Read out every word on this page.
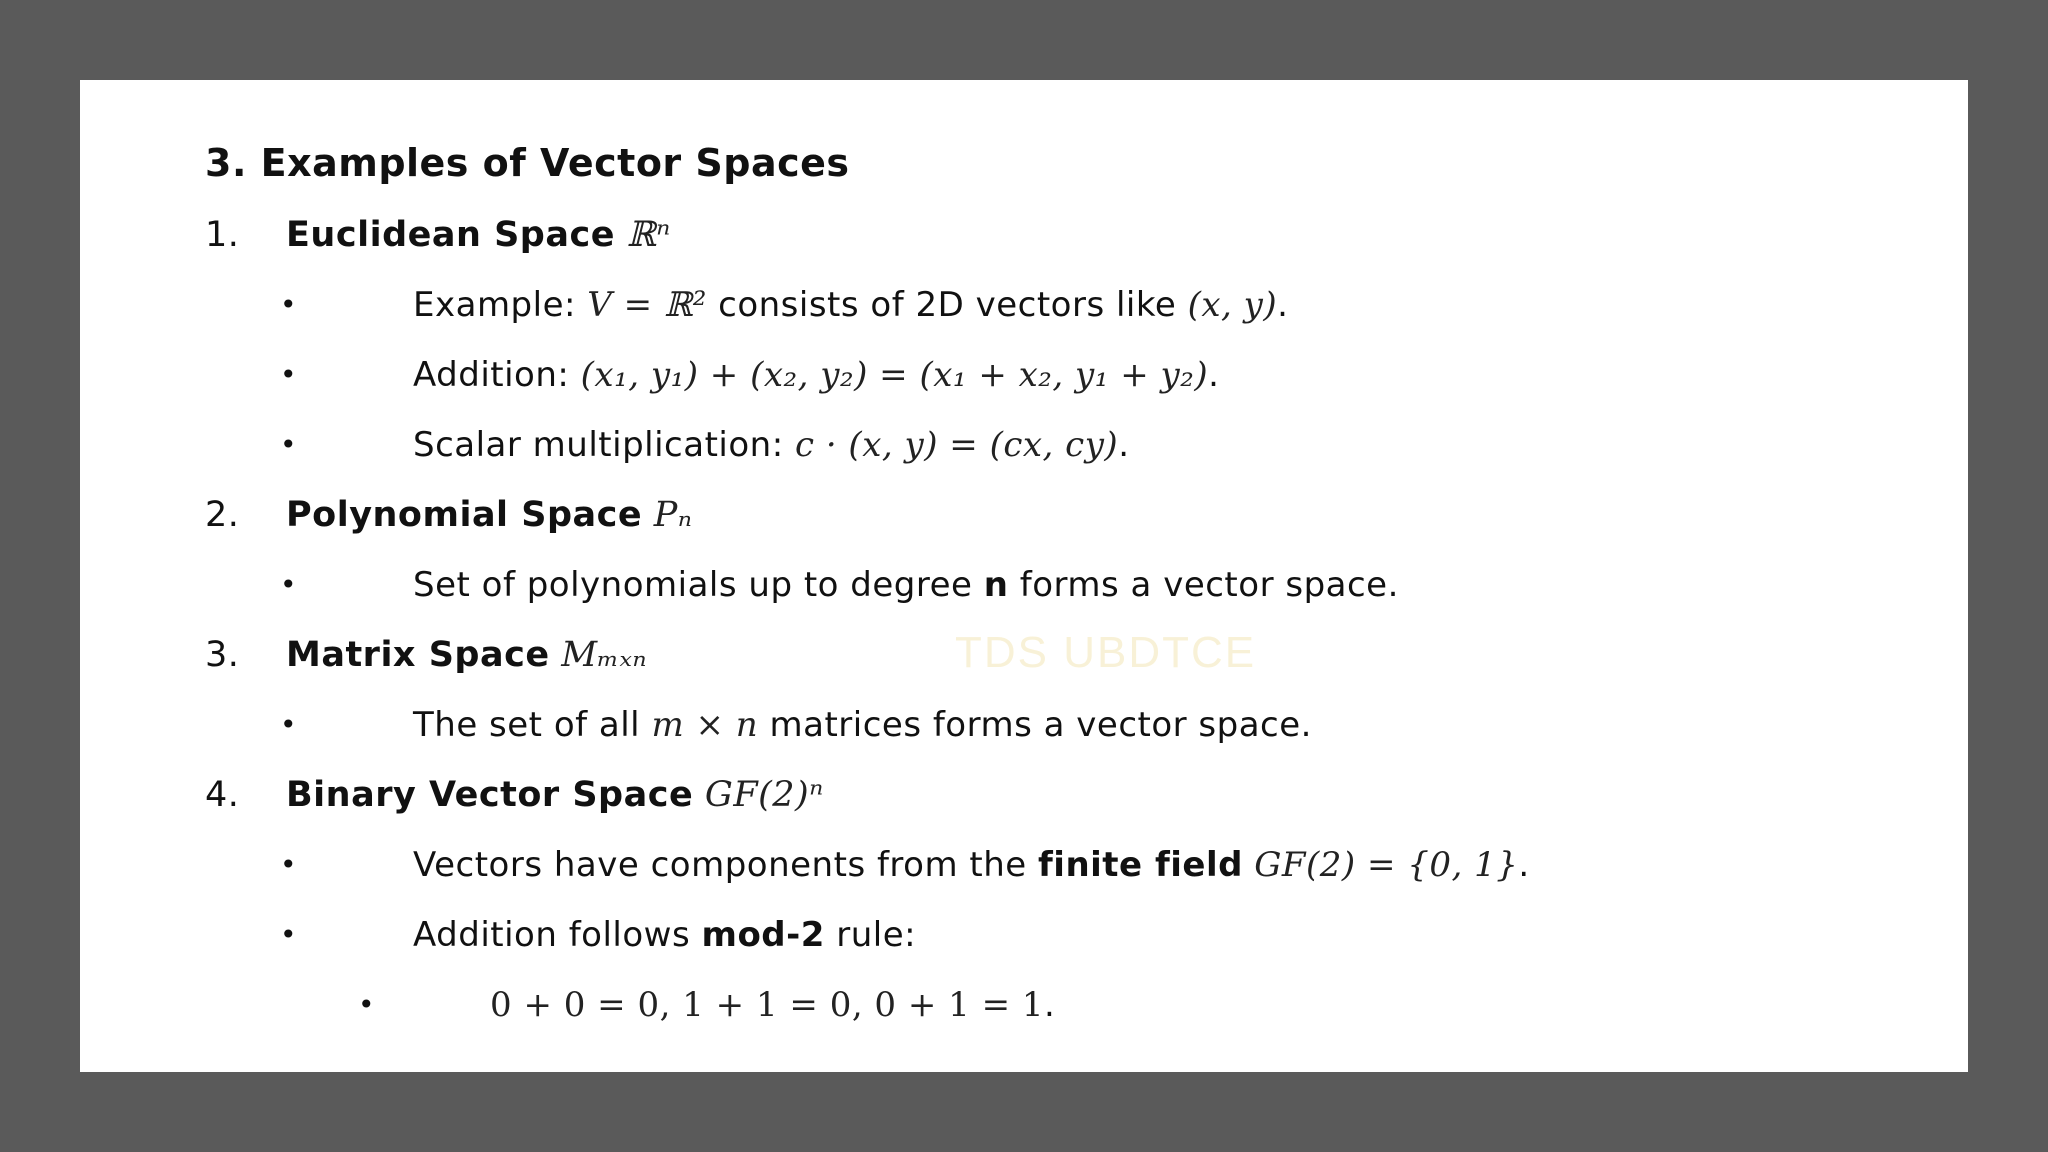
TDS UBDTCE
3. Examples of Vector Spaces
1. Euclidean Space ℝⁿ
•	Example: V = ℝ² consists of 2D vectors like (x, y).
•	Addition: (x₁, y₁) + (x₂, y₂) = (x₁ + x₂, y₁ + y₂).
•	Scalar multiplication: c · (x, y) = (cx, cy).
2. Polynomial Space Pₙ
•	Set of polynomials up to degree n forms a vector space.
3. Matrix Space Mₘₓₙ
•	The set of all m × n matrices forms a vector space.
4. Binary Vector Space GF(2)ⁿ
•	Vectors have components from the finite field GF(2) = {0, 1}.
•	Addition follows mod-2 rule:
•	0 + 0 = 0, 1 + 1 = 0, 0 + 1 = 1.
